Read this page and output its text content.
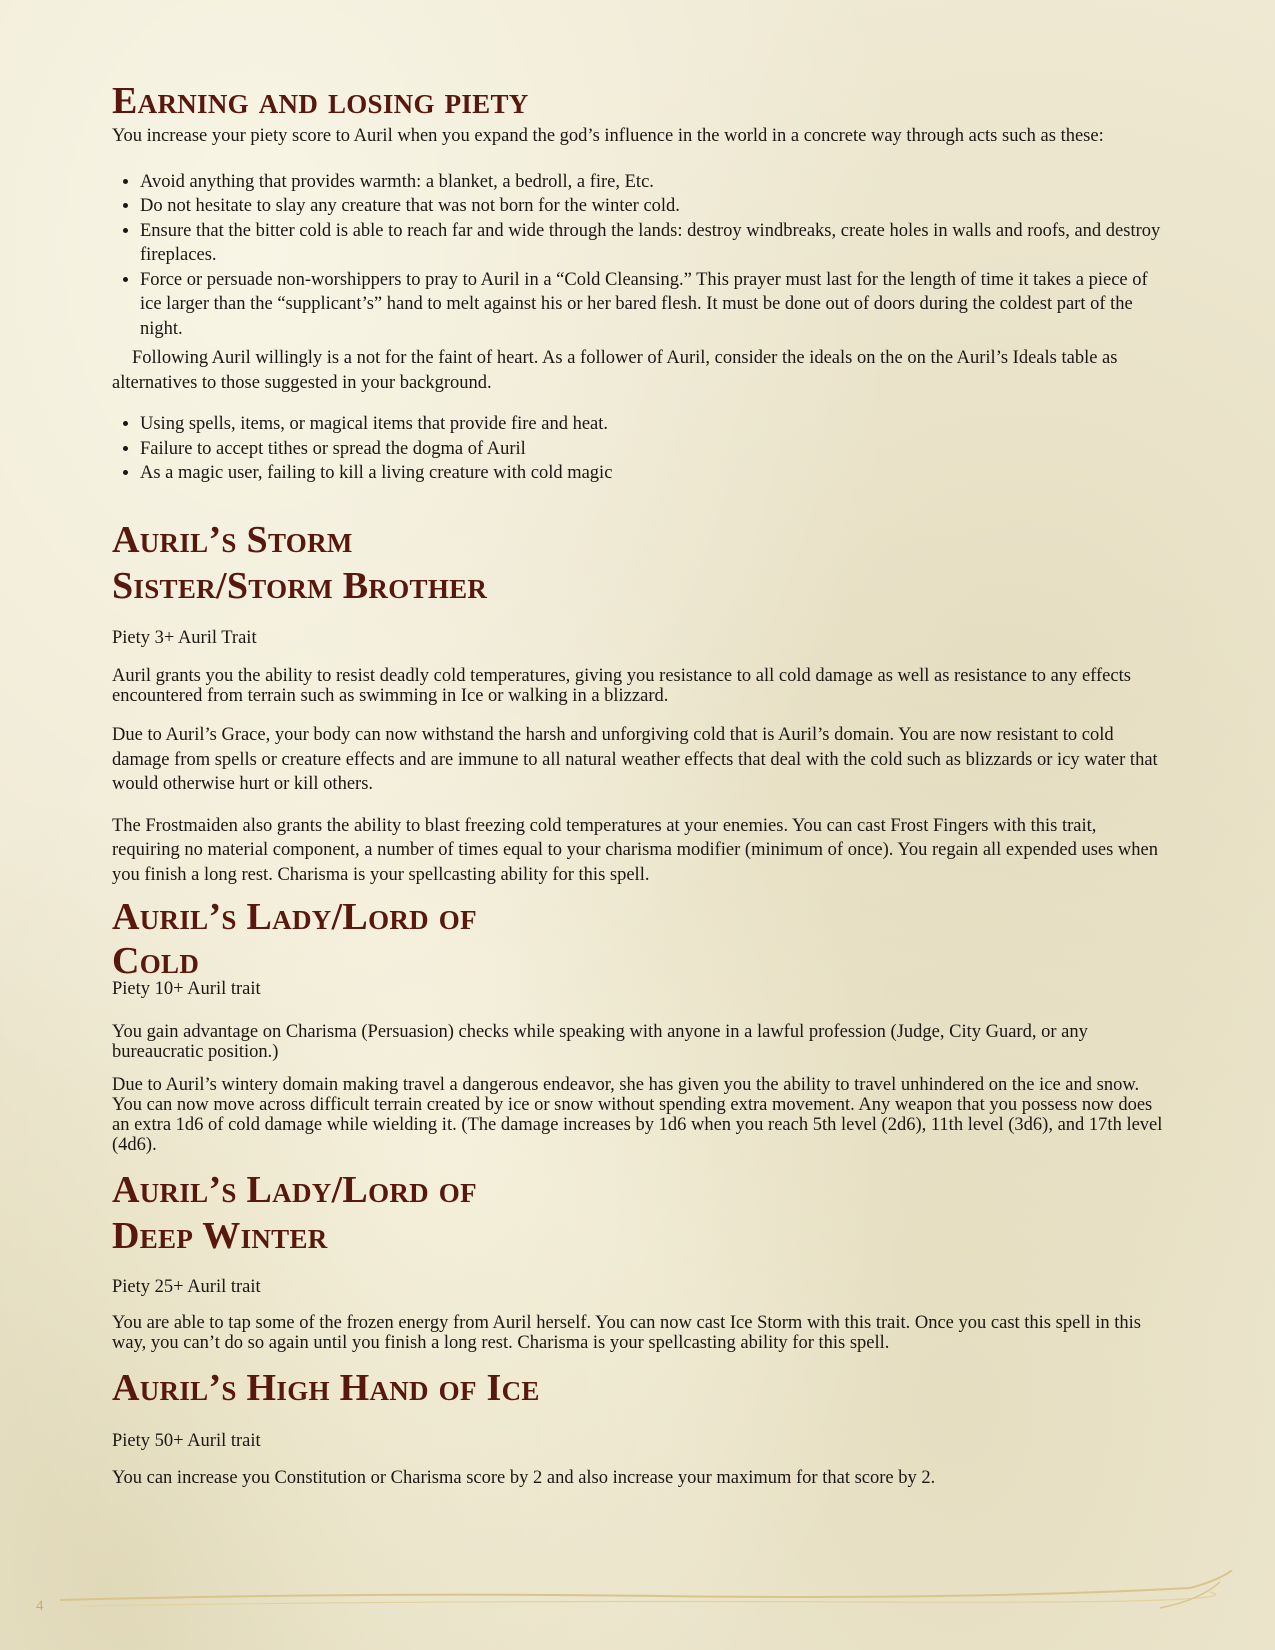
Earning and losing piety

You increase your piety score to Auril when you expand the god’s influence in the world in a concrete way through acts such as these:

• Avoid anything that provides warmth: a blanket, a bedroll, a fire, Etc.
• Do not hesitate to slay any creature that was not born for the winter cold.
• Ensure that the bitter cold is able to reach far and wide through the lands: destroy windbreaks, create holes in walls and roofs, and destroy fireplaces.
• Force or persuade non-worshippers to pray to Auril in a “Cold Cleansing.” This prayer must last for the length of time it takes a piece of ice larger than the “supplicant’s” hand to melt against his or her bared flesh. It must be done out of doors during the coldest part of the night.

Following Auril willingly is a not for the faint of heart. As a follower of Auril, consider the ideals on the on the Auril’s Ideals table as alternatives to those suggested in your background.

• Using spells, items, or magical items that provide fire and heat.
• Failure to accept tithes or spread the dogma of Auril
• As a magic user, failing to kill a living creature with cold magic
Auril’s Storm
Sister/Storm Brother

Piety 3+ Auril Trait

Auril grants you the ability to resist deadly cold temperatures, giving you resistance to all cold damage as well as resistance to any effects encountered from terrain such as swimming in Ice or walking in a blizzard.

Due to Auril’s Grace, your body can now withstand the harsh and unforgiving cold that is Auril’s domain. You are now resistant to cold damage from spells or creature effects and are immune to all natural weather effects that deal with the cold such as blizzards or icy water that would otherwise hurt or kill others.

The Frostmaiden also grants the ability to blast freezing cold temperatures at your enemies. You can cast Frost Fingers with this trait, requiring no material component, a number of times equal to your charisma modifier (minimum of once). You regain all expended uses when you finish a long rest. Charisma is your spellcasting ability for this spell.

Auril’s Lady/Lord of
Cold

Piety 10+ Auril trait

You gain advantage on Charisma (Persuasion) checks while speaking with anyone in a lawful profession (Judge, City Guard, or any bureaucratic position.)

Due to Auril’s wintery domain making travel a dangerous endeavor, she has given you the ability to travel unhindered on the ice and snow. You can now move across difficult terrain created by ice or snow without spending extra movement. Any weapon that you possess now does an extra 1d6 of cold damage while wielding it. (The damage increases by 1d6 when you reach 5th level (2d6), 11th level (3d6), and 17th level (4d6).

Auril’s Lady/Lord of
Deep Winter

Piety 25+ Auril trait

You are able to tap some of the frozen energy from Auril herself. You can now cast Ice Storm with this trait. Once you cast this spell in this way, you can’t do so again until you finish a long rest. Charisma is your spellcasting ability for this spell.

Auril’s High Hand of Ice

Piety 50+ Auril trait

You can increase you Constitution or Charisma score by 2 and also increase your maximum for that score by 2.

4
